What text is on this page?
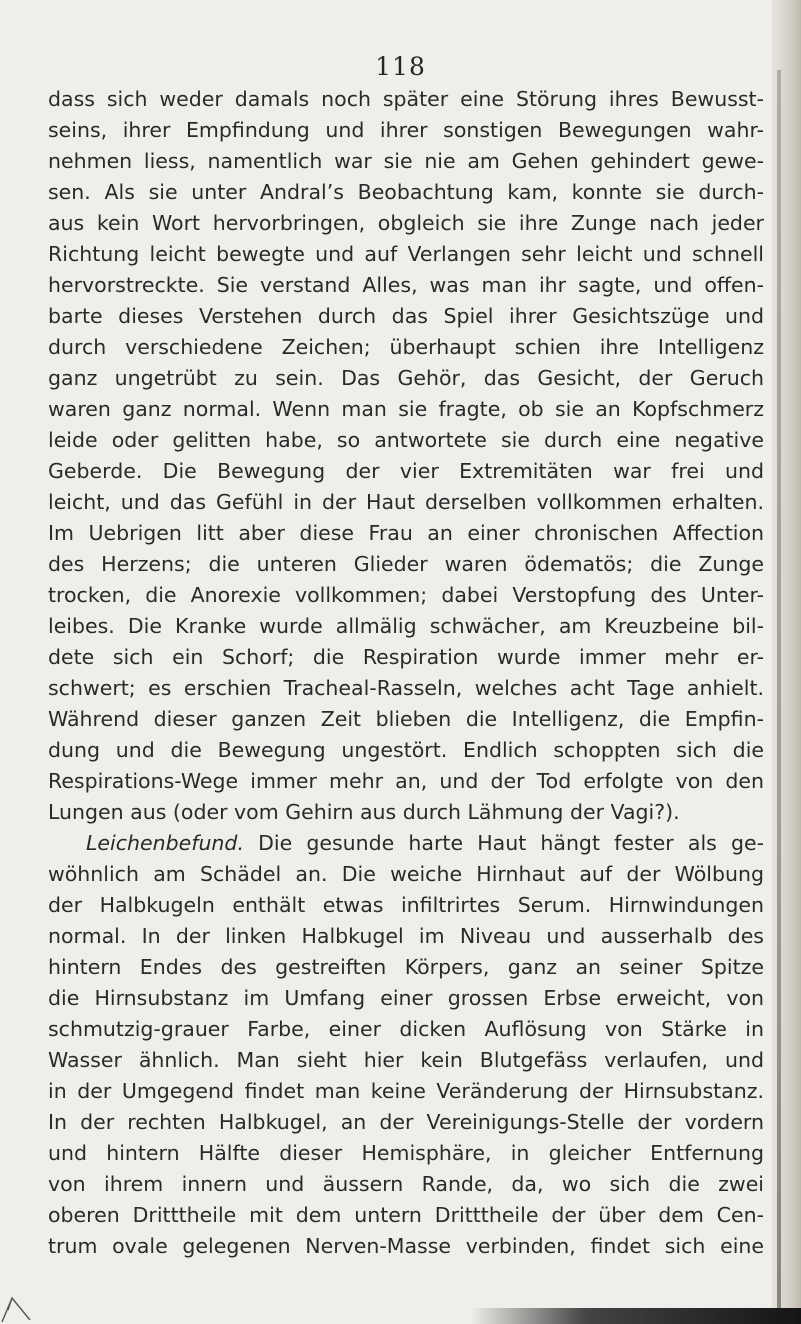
118
dass sich weder damals noch später eine Störung ihres Bewusst-
seins, ihrer Empfindung und ihrer sonstigen Bewegungen wahr-
nehmen liess, namentlich war sie nie am Gehen gehindert gewe-
sen. Als sie unter Andral’s Beobachtung kam, konnte sie durch-
aus kein Wort hervorbringen, obgleich sie ihre Zunge nach jeder
Richtung leicht bewegte und auf Verlangen sehr leicht und schnell
hervorstreckte. Sie verstand Alles, was man ihr sagte, und offen-
barte dieses Verstehen durch das Spiel ihrer Gesichtszüge und
durch verschiedene Zeichen; überhaupt schien ihre Intelligenz
ganz ungetrübt zu sein. Das Gehör, das Gesicht, der Geruch
waren ganz normal. Wenn man sie fragte, ob sie an Kopfschmerz
leide oder gelitten habe, so antwortete sie durch eine negative
Geberde. Die Bewegung der vier Extremitäten war frei und
leicht, und das Gefühl in der Haut derselben vollkommen erhalten.
Im Uebrigen litt aber diese Frau an einer chronischen Affection
des Herzens; die unteren Glieder waren ödematös; die Zunge
trocken, die Anorexie vollkommen; dabei Verstopfung des Unter-
leibes. Die Kranke wurde allmälig schwächer, am Kreuzbeine bil-
dete sich ein Schorf; die Respiration wurde immer mehr er-
schwert; es erschien Tracheal-Rasseln, welches acht Tage anhielt.
Während dieser ganzen Zeit blieben die Intelligenz, die Empfin-
dung und die Bewegung ungestört. Endlich schoppten sich die
Respirations-Wege immer mehr an, und der Tod erfolgte von den
Lungen aus (oder vom Gehirn aus durch Lähmung der Vagi?).
Leichenbefund. Die gesunde harte Haut hängt fester als ge-
wöhnlich am Schädel an. Die weiche Hirnhaut auf der Wölbung
der Halbkugeln enthält etwas infiltrirtes Serum. Hirnwindungen
normal. In der linken Halbkugel im Niveau und ausserhalb des
hintern Endes des gestreiften Körpers, ganz an seiner Spitze
die Hirnsubstanz im Umfang einer grossen Erbse erweicht, von
schmutzig-grauer Farbe, einer dicken Auflösung von Stärke in
Wasser ähnlich. Man sieht hier kein Blutgefäss verlaufen, und
in der Umgegend findet man keine Veränderung der Hirnsubstanz.
In der rechten Halbkugel, an der Vereinigungs-Stelle der vordern
und hintern Hälfte dieser Hemisphäre, in gleicher Entfernung
von ihrem innern und äussern Rande, da, wo sich die zwei
oberen Dritttheile mit dem untern Dritttheile der über dem Cen-
trum ovale gelegenen Nerven-Masse verbinden, findet sich eine
